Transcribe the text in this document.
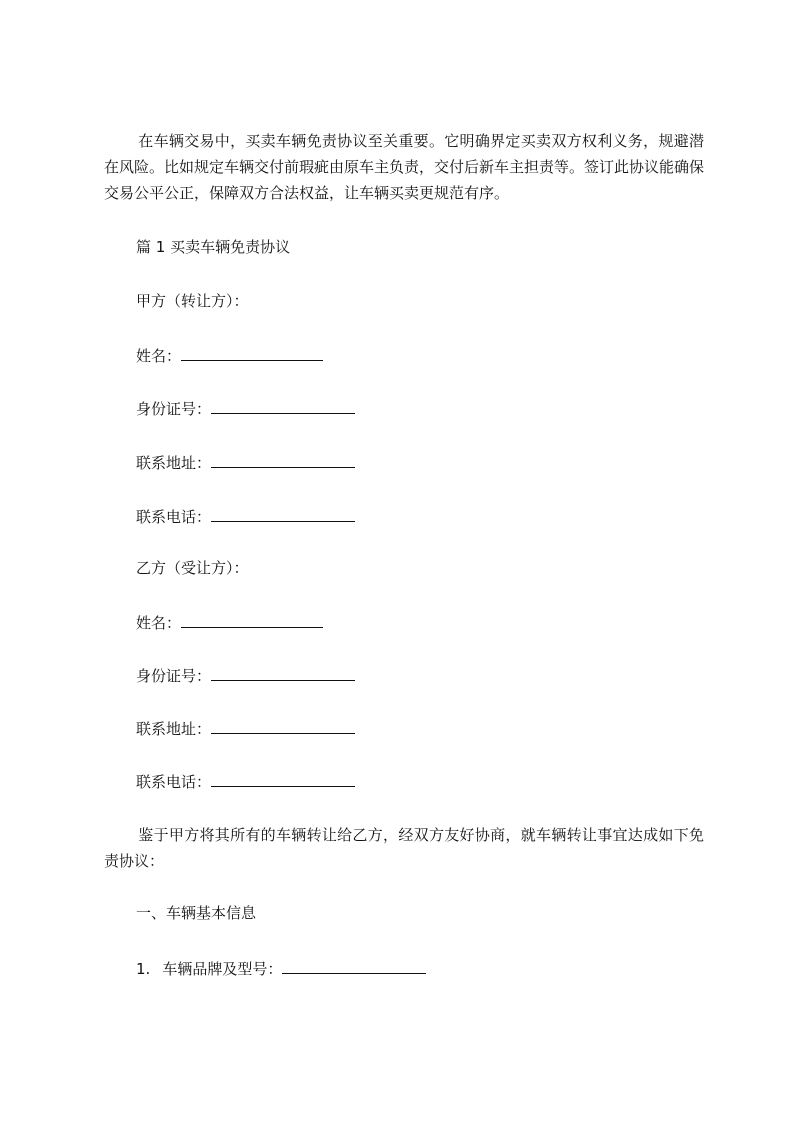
在车辆交易中，买卖车辆免责协议至关重要。它明确界定买卖双方权利义务，规避潜在风险。比如规定车辆交付前瑕疵由原车主负责，交付后新车主担责等。签订此协议能确保交易公平公正，保障双方合法权益，让车辆买卖更规范有序。

篇 1 买卖车辆免责协议

甲方（转让方）：

姓名：

身份证号：

联系地址：

联系电话：

乙方（受让方）：

姓名：

身份证号：

联系地址：

联系电话：

鉴于甲方将其所有的车辆转让给乙方，经双方友好协商，就车辆转让事宜达成如下免责协议：

一、车辆基本信息

1. 车辆品牌及型号：
